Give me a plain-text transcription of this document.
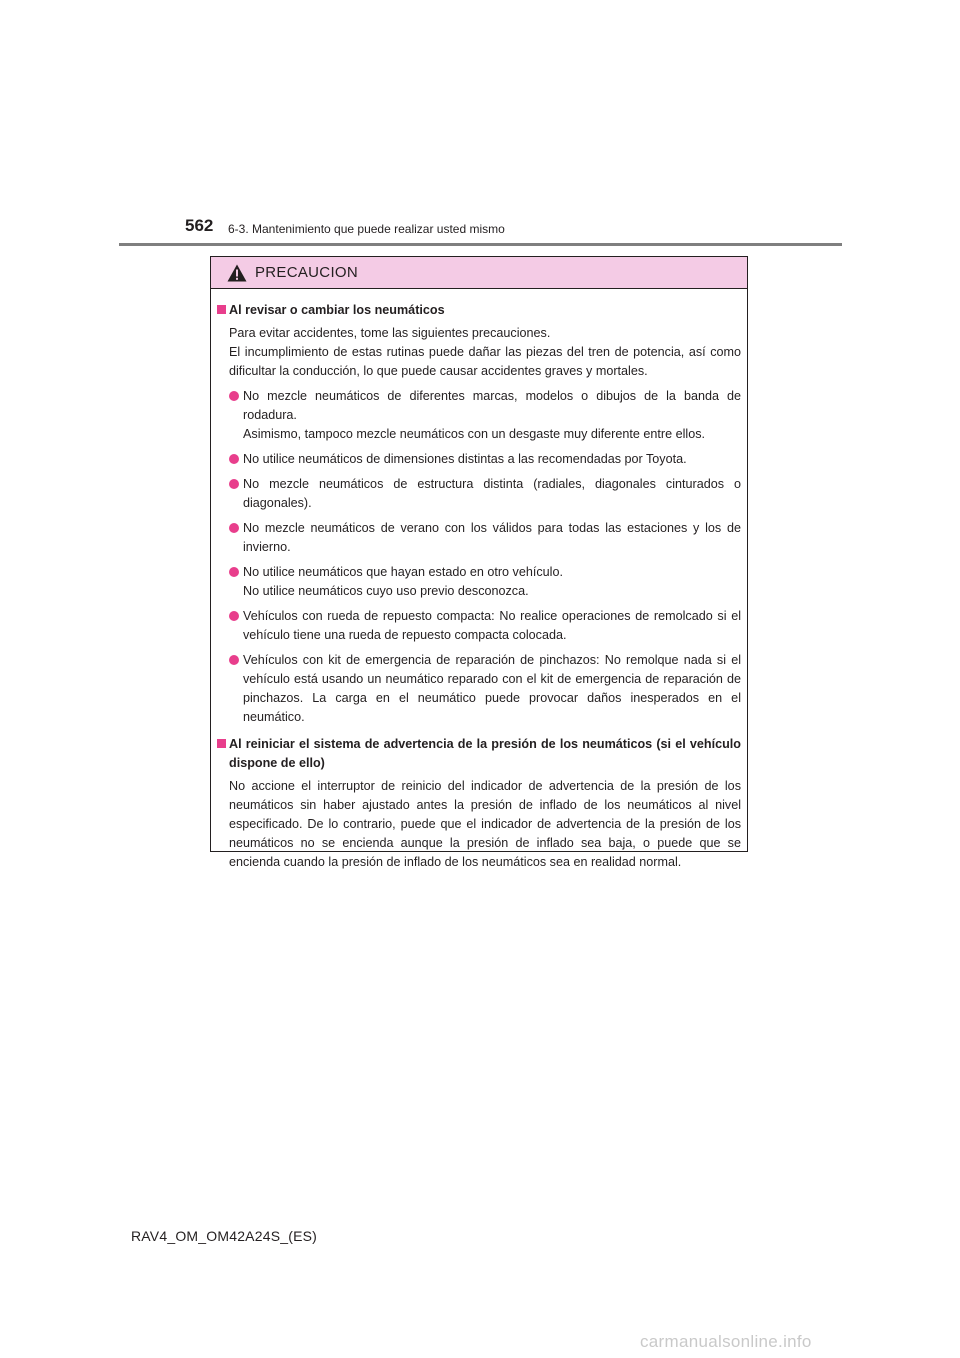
562 6-3. Mantenimiento que puede realizar usted mismo
PRECAUCION
Al revisar o cambiar los neumáticos
Para evitar accidentes, tome las siguientes precauciones.
El incumplimiento de estas rutinas puede dañar las piezas del tren de potencia, así como dificultar la conducción, lo que puede causar accidentes graves y mortales.
No mezcle neumáticos de diferentes marcas, modelos o dibujos de la banda de rodadura.
Asimismo, tampoco mezcle neumáticos con un desgaste muy diferente entre ellos.
No utilice neumáticos de dimensiones distintas a las recomendadas por Toyota.
No mezcle neumáticos de estructura distinta (radiales, diagonales cinturados o diagonales).
No mezcle neumáticos de verano con los válidos para todas las estaciones y los de invierno.
No utilice neumáticos que hayan estado en otro vehículo.
No utilice neumáticos cuyo uso previo desconozca.
Vehículos con rueda de repuesto compacta: No realice operaciones de remolcado si el vehículo tiene una rueda de repuesto compacta colocada.
Vehículos con kit de emergencia de reparación de pinchazos: No remolque nada si el vehículo está usando un neumático reparado con el kit de emergencia de reparación de pinchazos. La carga en el neumático puede provocar daños inesperados en el neumático.
Al reiniciar el sistema de advertencia de la presión de los neumáticos (si el vehículo dispone de ello)
No accione el interruptor de reinicio del indicador de advertencia de la presión de los neumáticos sin haber ajustado antes la presión de inflado de los neumáticos al nivel especificado. De lo contrario, puede que el indicador de advertencia de la presión de los neumáticos no se encienda aunque la presión de inflado sea baja, o puede que se encienda cuando la presión de inflado de los neumáticos sea en realidad normal.
RAV4_OM_OM42A24S_(ES)
carmanualsonline.info
